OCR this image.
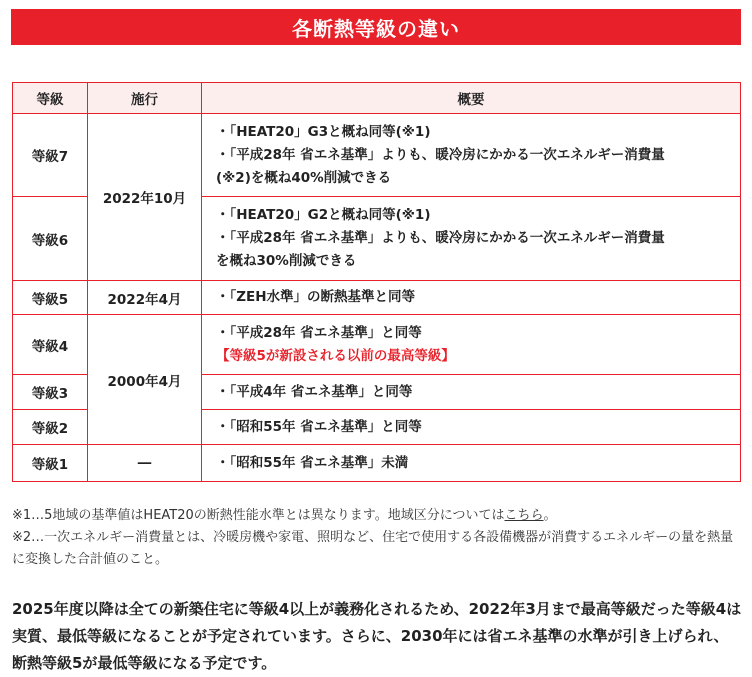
各断熱等級の違い
等級	施行	概要
等級7	2022年10月	・「HEAT20」G3と概ね同等(※1)
・「平成28年 省エネ基準」よりも、暖冷房にかかる一次エネルギー消費量
(※2)を概ね40%削減できる

等級6		・「HEAT20」G2と概ね同等(※1)
・「平成28年 省エネ基準」よりも、暖冷房にかかる一次エネルギー消費量
を概ね30%削減できる

等級5	2022年4月	・「ZEH水準」の断熱基準と同等

等級4	2000年4月	・「平成28年 省エネ基準」と同等
【等級5が新設される以前の最高等級】

等級3		・「平成4年 省エネ基準」と同等

等級2		・「昭和55年 省エネ基準」と同等

等級1	―	・「昭和55年 省エネ基準」未満

※1…5地域の基準値はHEAT20の断熱性能水準とは異なります。地域区分についてはこちら。

※2…一次エネルギー消費量とは、冷暖房機や家電、照明など、住宅で使用する各設備機器が消費するエネルギーの量を熱量に変換した合計値のこと。

2025年度以降は全ての新築住宅に等級4以上が義務化されるため、2022年3月まで最高等級だった等級4は実質、最低等級になることが予定されています。さらに、2030年には省エネ基準の水準が引き上げられ、断熱等級5が最低等級になる予定です。
